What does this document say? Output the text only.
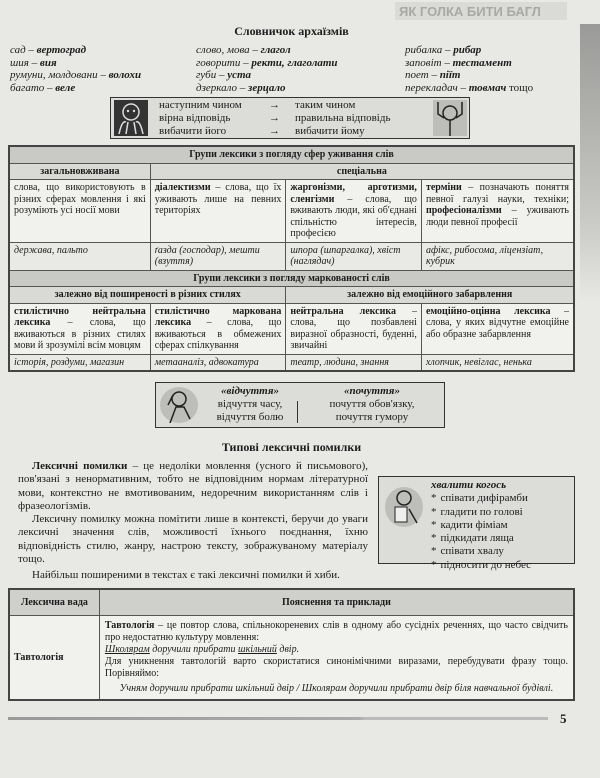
ЯК ГОЛКА БИТИ БАГЛ
Словничок архаїзмів
сад – вертоград
шия – вия
румуни, молдовани – волохи
багато – веле
слово, мова – глагол
говорити – ректи, глаголати
губи – уста
дзеркало – зерцало
рибалка – рибар
заповіт – тестамент
поет – піїт
перекладач – товмач тощо
наступним чином	→	таким чином
вірна відповідь	→	правильна відповідь
вибачити його	→	вибачити йому
Групи лексики з погляду сфер уживання слів			
загальновживана	спеціальна		
слова, що використовують в різних сферах мовлення і які розуміють усі носії мови	діалектизми – слова, що їх уживають лише на певних територіях	жаргонізми, арготизми, сленгізми – слова, що вживають люди, які об'єднані спільністю інтересів, професією	терміни – позначають поняття певної галузі науки, техніки; професіоналізми – уживають люди певної професії
держава, пальто	ґазда (господар), мешти (взуття)	шпора (шпаргалка), хвіст (наглядач)	афікс, рибосома, ліцензіат, кубрик
Групи лексики з погляду маркованості слів			
залежно від поширеності в різних стилях		залежно від емоційного забарвлення	
стилістично нейтральна лексика – слова, що вживаються в різних стилях мови й зрозумілі всім мовцям	стилістично маркована лексика – слова, що вживаються в обмежених сферах спілкування	нейтральна лексика – слова, що позбавлені виразної образності, буденні, звичайні	емоційно-оцінна лексика – слова, у яких відчутне емоційне або образне забарвлення
історія, роздуми, магазин	метааналіз, адвокатура	театр, людина, знання	хлопчик, невіглас, ненька
«відчуття»
відчуття часу,
відчуття болю
«почуття»
почуття обов'язку,
почуття гумору
Типові лексичні помилки

Лексичні помилки – це недоліки мовлення (усного й письмового), пов'язані з ненормативним, тобто не відповідним нормам літературної мови, контекстно не вмотивованим, недоречним використанням слів і фразеологізмів.

Лексичну помилку можна помітити лише в контексті, беручи до уваги лексичні значення слів, можливості їхнього поєднання, їхню відповідність стилю, жанру, настрою тексту, зображуваному матеріалу тощо.

хвалити когось
* співати дифірамби
* гладити по голові
* кадити фіміам
* підкидати ляща
* співати хвалу
* підносити до небес
Найбільш поширеними в текстах є такі лексичні помилки й хиби.
Лексична вада	Пояснення та приклади
Тавтологія	Тавтологія – це повтор слова, спільнокореневих слів в одному або сусідніх реченнях, що часто свідчить про недостатню культуру мовлення:
Школярам доручили прибрати шкільний двір.
Для уникнення тавтологій варто скористатися синонімічними виразами, перебудувати фразу тощо. Порівняймо:
Учням доручили прибрати шкільний двір / Школярам доручили прибрати двір біля навчальної будівлі.
5
